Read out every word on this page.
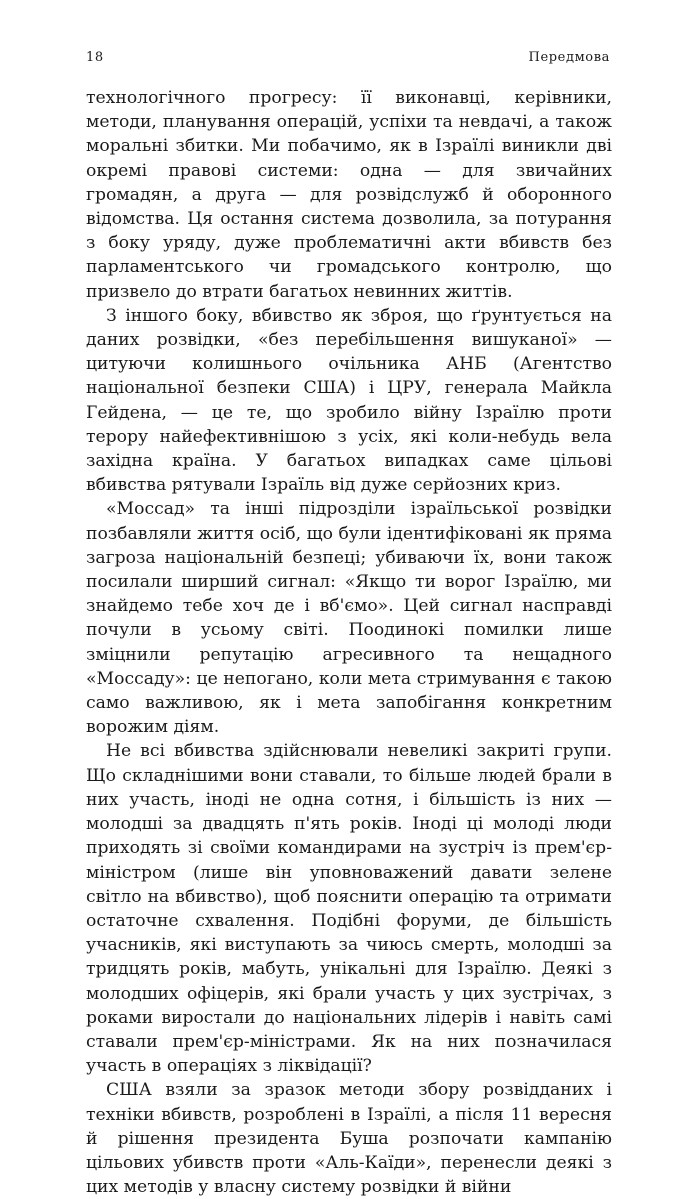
18	Передмова

технологічного прогресу: її виконавці, керівники, методи, планування операцій, успіхи та невдачі, а також моральні збитки. Ми побачимо, як в Ізраїлі виникли дві окремі правові системи: одна — для звичайних громадян, а друга — для розвідслужб й оборонного відомства. Ця остання система дозволила, за потурання з боку уряду, дуже проблематичні акти вбивств без парламентського чи громадського контролю, що призвело до втрати багатьох невинних життів.

З іншого боку, вбивство як зброя, що ґрунтується на даних розвідки, «без перебільшення вишуканої» — цитуючи колишнього очільника АНБ (Агентство національної безпеки США) і ЦРУ, генерала Майкла Гейдена, — це те, що зробило війну Ізраїлю проти терору найефективнішою з усіх, які коли-небудь вела західна країна. У багатьох випадках саме цільові вбивства рятували Ізраїль від дуже серйозних криз.

«Моссад» та інші підрозділи ізраїльської розвідки позбавляли життя осіб, що були ідентифіковані як пряма загроза національній безпеці; убиваючи їх, вони також посилали ширший сигнал: «Якщо ти ворог Ізраїлю, ми знайдемо тебе хоч де і вб'ємо». Цей сигнал насправді почули в усьому світі. Поодинокі помилки лише зміцнили репутацію агресивного та нещадного «Моссаду»: це непогано, коли мета стримування є такою само важливою, як і мета запобігання конкретним ворожим діям.

Не всі вбивства здійснювали невеликі закриті групи. Що складнішими вони ставали, то більше людей брали в них участь, іноді не одна сотня, і більшість із них — молодші за двадцять п'ять років. Іноді ці молоді люди приходять зі своїми командирами на зустріч із прем'єр-міністром (лише він уповноважений давати зелене світло на вбивство), щоб пояснити операцію та отримати остаточне схвалення. Подібні форуми, де більшість учасників, які виступають за чиюсь смерть, молодші за тридцять років, мабуть, унікальні для Ізраїлю. Деякі з молодших офіцерів, які брали участь у цих зустрічах, з роками виростали до національних лідерів і навіть самі ставали прем'єр-міністрами. Як на них позначилася участь в операціях з ліквідації?

США взяли за зразок методи збору розвідданих і техніки вбивств, розроблені в Ізраїлі, а після 11 вересня й рішення президента Буша розпочати кампанію цільових убивств проти «Аль-Каїди», перенесли деякі з цих методів у власну систему розвідки й війни
